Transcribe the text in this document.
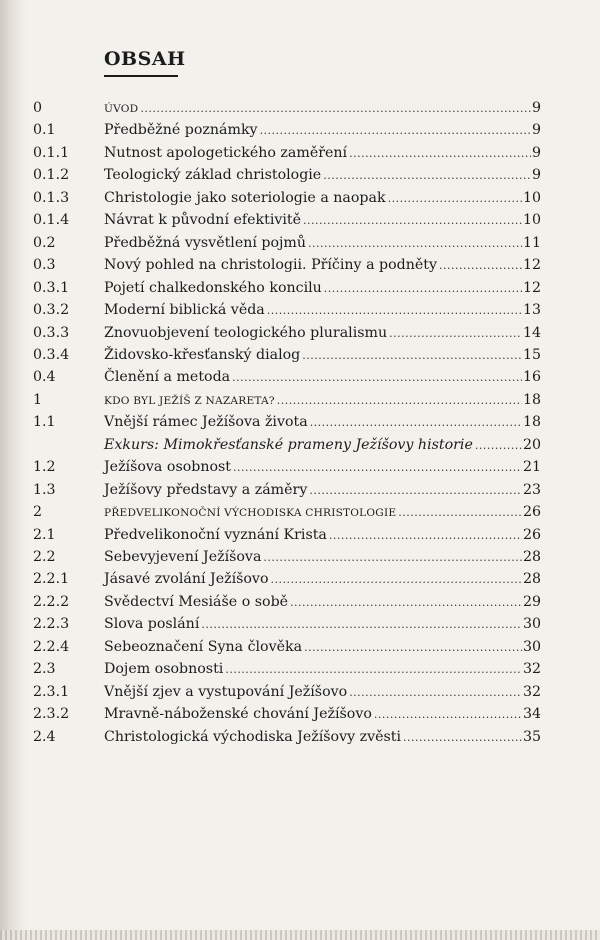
OBSAH
0	ÚVOD .....	9
0.1	Předběžné poznámky .....	9
0.1.1 Nutnost apologetického zaměření .....	9
0.1.2 Teologický základ christologie .....	9
0.1.3 Christologie jako soteriologie a naopak .....	10
0.1.4 Návrat k původní efektivitě .....	10
0.2	Předběžná vysvětlení pojmů .....	11
0.3	Nový pohled na christologii. Příčiny a podněty .....	12
0.3.1 Pojetí chalkedonského koncilu .....	12
0.3.2 Moderní biblická věda .....	13
0.3.3 Znovuobjevení teologického pluralismu .....	14
0.3.4 Židovsko-křesťanský dialog .....	15
0.4	Členění a metoda .....	16
1	KDO BYL JEŽÍŠ Z NAZARETA? .....	18
1.1	Vnější rámec Ježíšova života .....	18
Exkurs: Mimokřesťanské prameny Ježíšovy historie .....	20
1.2	Ježíšova osobnost .....	21
1.3	Ježíšovy představy a záměry .....	23
2	PŘEDVELIKONOČNÍ VÝCHODISKA CHRISTOLOGIE .....	26
2.1	Předvelikonoční vyznání Krista .....	26
2.2	Sebevyjevení Ježíšova .....	28
2.2.1 Jásavé zvolání Ježíšovo .....	28
2.2.2 Svědectví Mesiáše o sobě .....	29
2.2.3 Slova poslání .....	30
2.2.4 Sebeoznačení Syna člověka .....	30
2.3	Dojem osobnosti .....	32
2.3.1 Vnější zjev a vystupování Ježíšovo .....	32
2.3.2 Mravně-náboženské chování Ježíšovo .....	34
2.4	Christologická východiska Ježíšovy zvěsti .....	35
